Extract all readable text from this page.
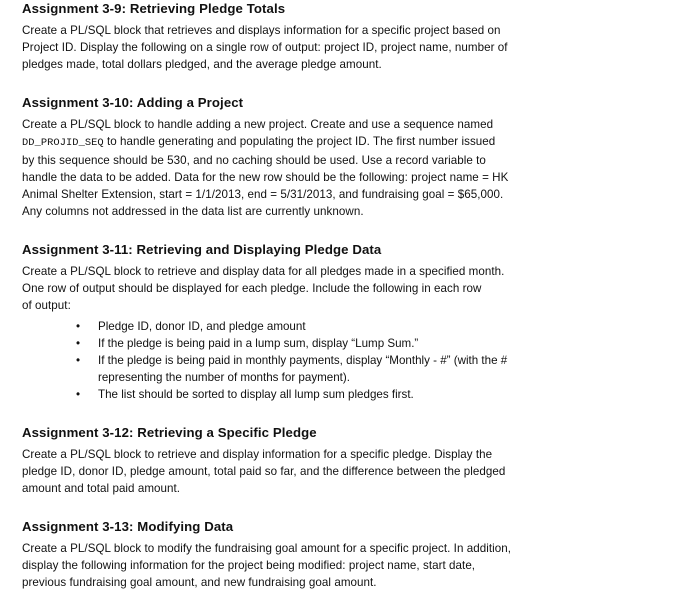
Assignment 3-9: Retrieving Pledge Totals

Create a PL/SQL block that retrieves and displays information for a specific project based on
Project ID. Display the following on a single row of output: project ID, project name, number of
pledges made, total dollars pledged, and the average pledge amount.

Assignment 3-10: Adding a Project

Create a PL/SQL block to handle adding a new project. Create and use a sequence named
DD_PROJID_SEQ to handle generating and populating the project ID. The first number issued
by this sequence should be 530, and no caching should be used. Use a record variable to
handle the data to be added. Data for the new row should be the following: project name = HK
Animal Shelter Extension, start = 1/1/2013, end = 5/31/2013, and fundraising goal = $65,000.
Any columns not addressed in the data list are currently unknown.

Assignment 3-11: Retrieving and Displaying Pledge Data

Create a PL/SQL block to retrieve and display data for all pledges made in a specified month.
One row of output should be displayed for each pledge. Include the following in each row
of output:

• Pledge ID, donor ID, and pledge amount
• If the pledge is being paid in a lump sum, display “Lump Sum.”
• If the pledge is being paid in monthly payments, display “Monthly - #” (with the #
representing the number of months for payment).
• The list should be sorted to display all lump sum pledges first.
Assignment 3-12: Retrieving a Specific Pledge

Create a PL/SQL block to retrieve and display information for a specific pledge. Display the
pledge ID, donor ID, pledge amount, total paid so far, and the difference between the pledged
amount and total paid amount.

Assignment 3-13: Modifying Data

Create a PL/SQL block to modify the fundraising goal amount for a specific project. In addition,
display the following information for the project being modified: project name, start date,
previous fundraising goal amount, and new fundraising goal amount.
